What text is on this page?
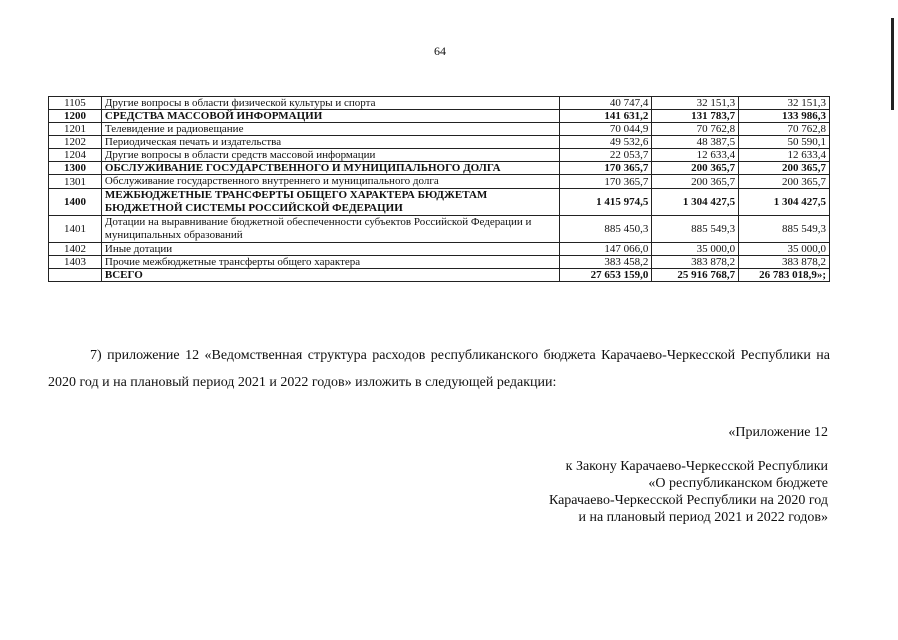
64
1105	Другие вопросы в области физической культуры и спорта	40 747,4	32 151,3	32 151,3
1200	СРЕДСТВА МАССОВОЙ ИНФОРМАЦИИ	141 631,2	131 783,7	133 986,3
1201	Телевидение и радиовещание	70 044,9	70 762,8	70 762,8
1202	Периодическая печать и издательства	49 532,6	48 387,5	50 590,1
1204	Другие вопросы в области средств массовой информации	22 053,7	12 633,4	12 633,4
1300	ОБСЛУЖИВАНИЕ ГОСУДАРСТВЕННОГО И МУНИЦИПАЛЬНОГО ДОЛГА	170 365,7	200 365,7	200 365,7
1301	Обслуживание государственного внутреннего и муниципального долга	170 365,7	200 365,7	200 365,7
1400	МЕЖБЮДЖЕТНЫЕ ТРАНСФЕРТЫ ОБЩЕГО ХАРАКТЕРА БЮДЖЕТАМ БЮДЖЕТНОЙ СИСТЕМЫ РОССИЙСКОЙ ФЕДЕРАЦИИ	1 415 974,5	1 304 427,5	1 304 427,5
1401	Дотации на выравнивание бюджетной обеспеченности субъектов Российской Федерации и муниципальных образований	885 450,3	885 549,3	885 549,3
1402	Иные дотации	147 066,0	35 000,0	35 000,0
1403	Прочие межбюджетные трансферты общего характера	383 458,2	383 878,2	383 878,2
	ВСЕГО	27 653 159,0	25 916 768,7	26 783 018,9»;
7) приложение 12 «Ведомственная структура расходов республиканского бюджета Карачаево-Черкесской Республики на 2020 год и на плановый период 2021 и 2022 годов» изложить в следующей редакции:
«Приложение 12
к Закону Карачаево-Черкесской Республики
«О республиканском бюджете
Карачаево-Черкесской Республики на 2020 год
и на плановый период 2021 и 2022 годов»
